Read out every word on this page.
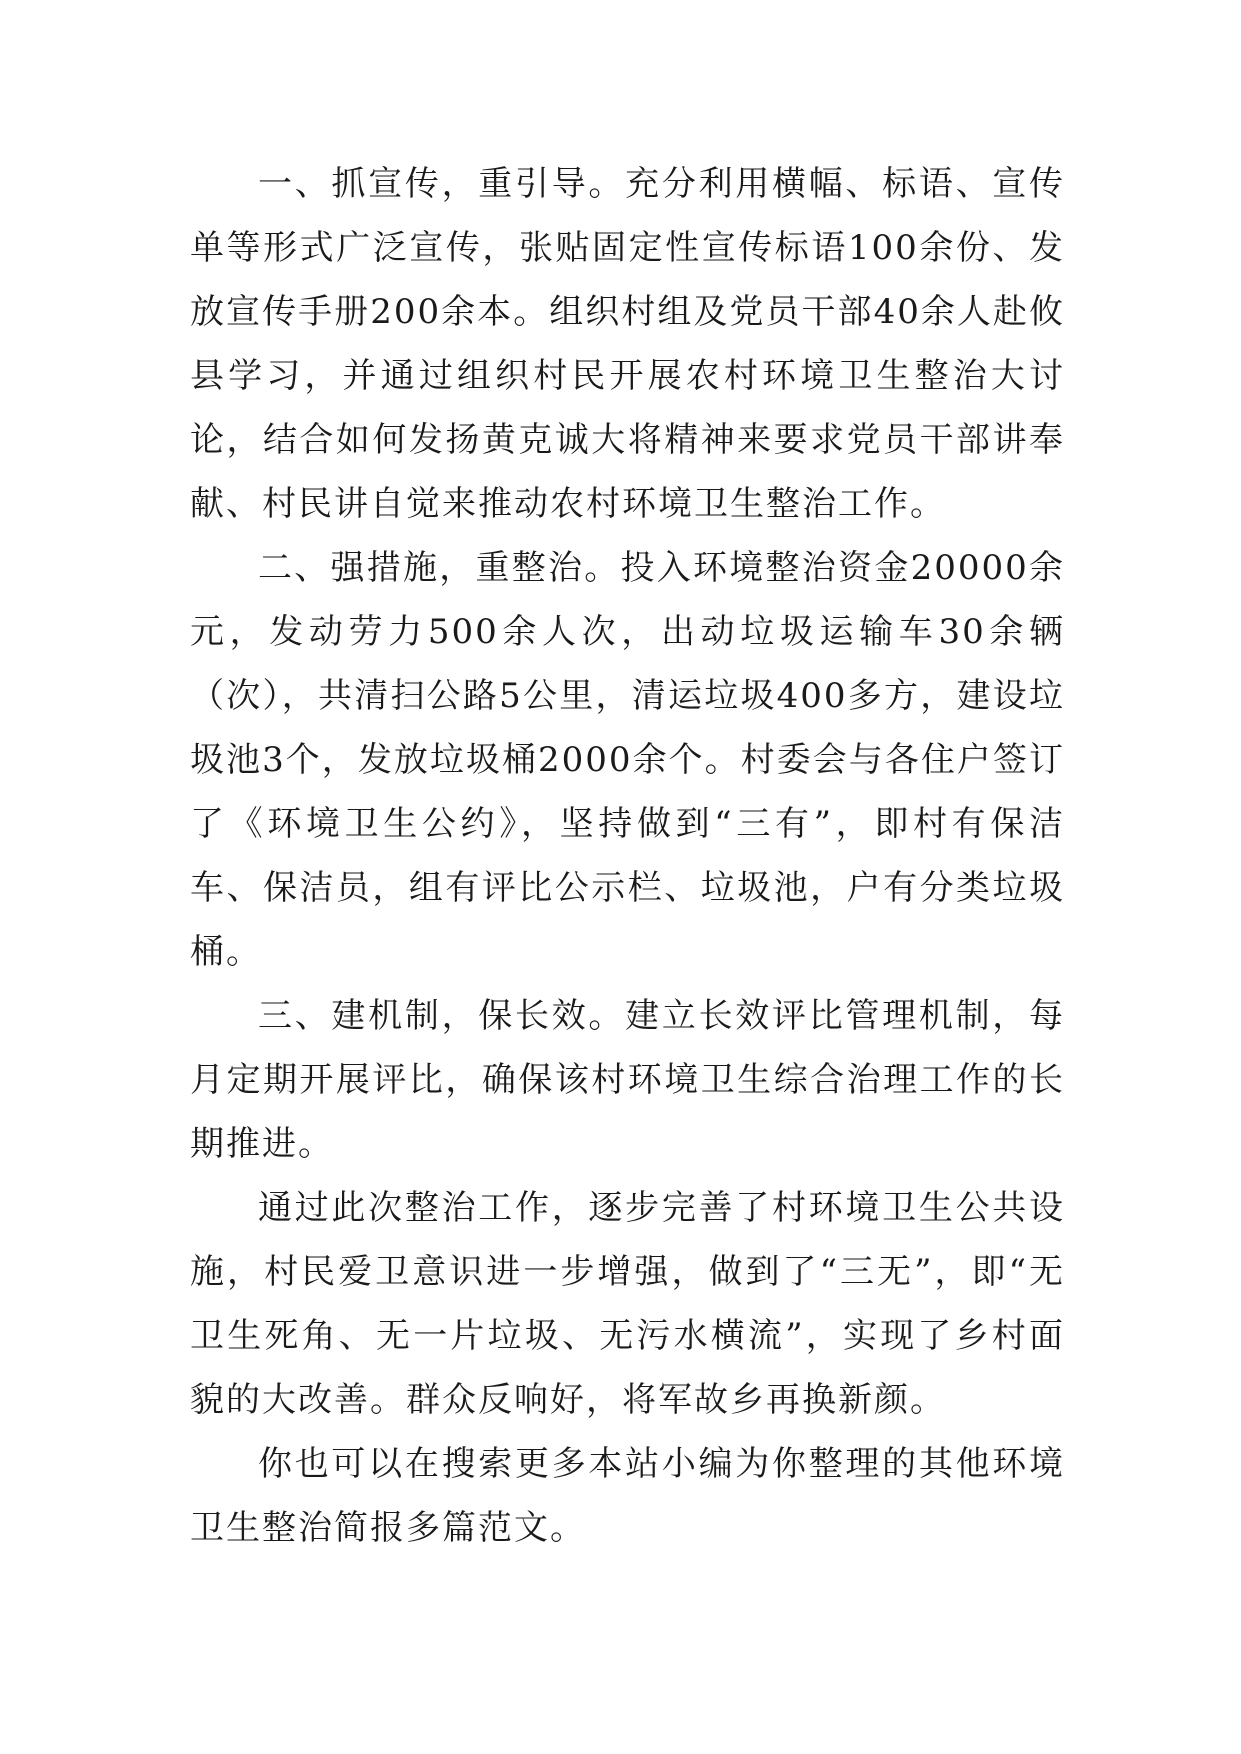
一、抓宣传，重引导。充分利用横幅、标语、宣传单等形式广泛宣传，张贴固定性宣传标语100余份、发放宣传手册200余本。组织村组及党员干部40余人赴攸县学习，并通过组织村民开展农村环境卫生整治大讨论，结合如何发扬黄克诚大将精神来要求党员干部讲奉献、村民讲自觉来推动农村环境卫生整治工作。

二、强措施，重整治。投入环境整治资金20000余元，发动劳力500余人次，出动垃圾运输车30余辆（次），共清扫公路5公里，清运垃圾400多方，建设垃圾池3个，发放垃圾桶2000余个。村委会与各住户签订了《环境卫生公约》，坚持做到“三有”，即村有保洁车、保洁员，组有评比公示栏、垃圾池，户有分类垃圾桶。

三、建机制，保长效。建立长效评比管理机制，每月定期开展评比，确保该村环境卫生综合治理工作的长期推进。

通过此次整治工作，逐步完善了村环境卫生公共设施，村民爱卫意识进一步增强，做到了“三无”，即“无卫生死角、无一片垃圾、无污水横流”，实现了乡村面貌的大改善。群众反响好，将军故乡再换新颜。

你也可以在搜索更多本站小编为你整理的其他环境卫生整治简报多篇范文。
